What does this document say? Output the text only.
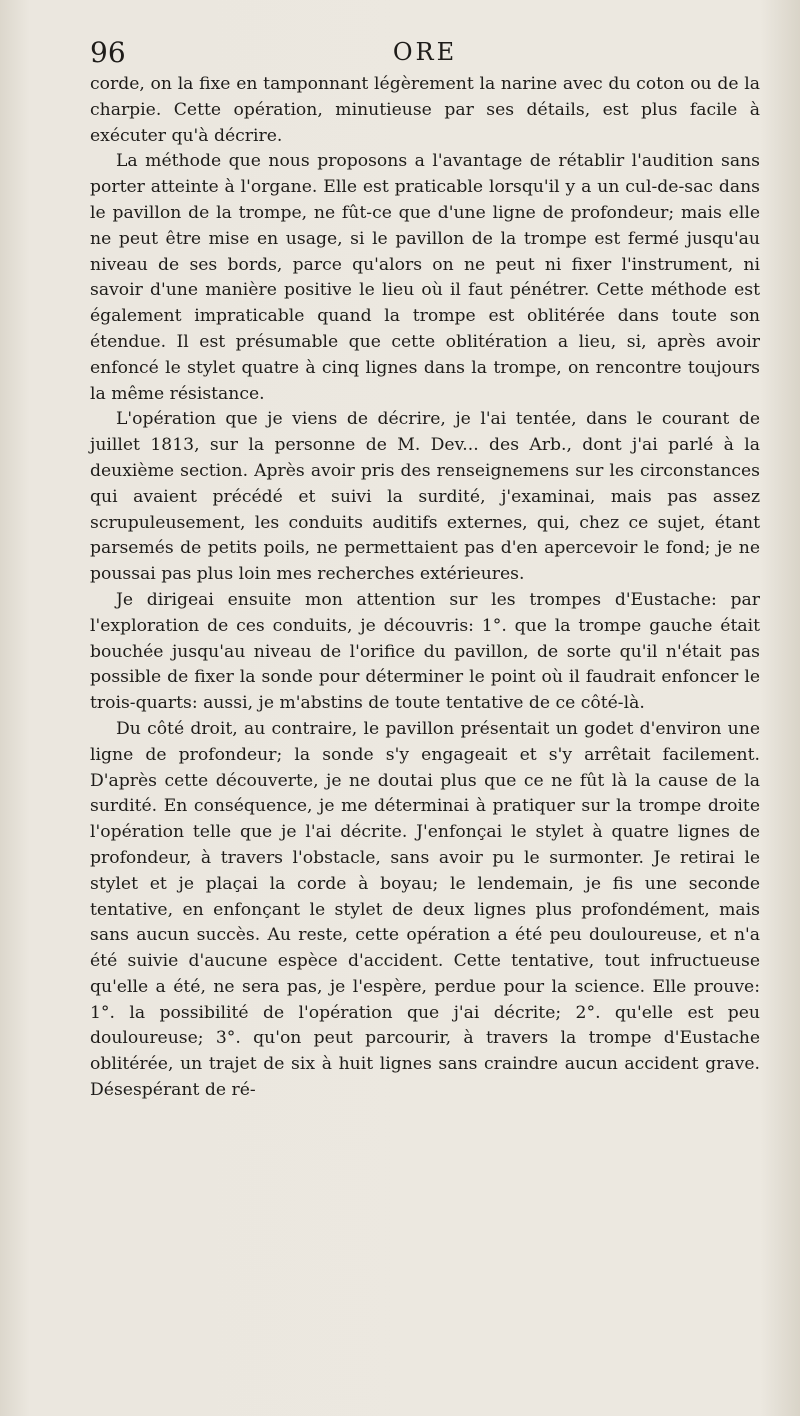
96	ORE

corde, on la fixe en tamponnant légèrement la narine avec du coton ou de la charpie. Cette opération, minutieuse par ses détails, est plus facile à exécuter qu'à décrire.

La méthode que nous proposons a l'avantage de rétablir l'audition sans porter atteinte à l'organe. Elle est praticable lorsqu'il y a un cul-de-sac dans le pavillon de la trompe, ne fût-ce que d'une ligne de profondeur; mais elle ne peut être mise en usage, si le pavillon de la trompe est fermé jusqu'au niveau de ses bords, parce qu'alors on ne peut ni fixer l'instrument, ni savoir d'une manière positive le lieu où il faut pénétrer. Cette méthode est également impraticable quand la trompe est oblitérée dans toute son étendue. Il est présumable que cette oblitération a lieu, si, après avoir enfoncé le stylet quatre à cinq lignes dans la trompe, on rencontre toujours la même résistance.

L'opération que je viens de décrire, je l'ai tentée, dans le courant de juillet 1813, sur la personne de M. Dev... des Arb., dont j'ai parlé à la deuxième section. Après avoir pris des renseignemens sur les circonstances qui avaient précédé et suivi la surdité, j'examinai, mais pas assez scrupuleusement, les conduits auditifs externes, qui, chez ce sujet, étant parsemés de petits poils, ne permettaient pas d'en apercevoir le fond; je ne poussai pas plus loin mes recherches extérieures.

Je dirigeai ensuite mon attention sur les trompes d'Eustache: par l'exploration de ces conduits, je découvris: 1°. que la trompe gauche était bouchée jusqu'au niveau de l'orifice du pavillon, de sorte qu'il n'était pas possible de fixer la sonde pour déterminer le point où il faudrait enfoncer le trois-quarts: aussi, je m'abstins de toute tentative de ce côté-là.

Du côté droit, au contraire, le pavillon présentait un godet d'environ une ligne de profondeur; la sonde s'y engageait et s'y arrêtait facilement. D'après cette découverte, je ne doutai plus que ce ne fût là la cause de la surdité. En conséquence, je me déterminai à pratiquer sur la trompe droite l'opération telle que je l'ai décrite. J'enfonçai le stylet à quatre lignes de profondeur, à travers l'obstacle, sans avoir pu le surmonter. Je retirai le stylet et je plaçai la corde à boyau; le lendemain, je fis une seconde tentative, en enfonçant le stylet de deux lignes plus profondément, mais sans aucun succès. Au reste, cette opération a été peu douloureuse, et n'a été suivie d'aucune espèce d'accident. Cette tentative, tout infructueuse qu'elle a été, ne sera pas, je l'espère, perdue pour la science. Elle prouve: 1°. la possibilité de l'opération que j'ai décrite; 2°. qu'elle est peu douloureuse; 3°. qu'on peut parcourir, à travers la trompe d'Eustache oblitérée, un trajet de six à huit lignes sans craindre aucun accident grave. Désespérant de ré-
